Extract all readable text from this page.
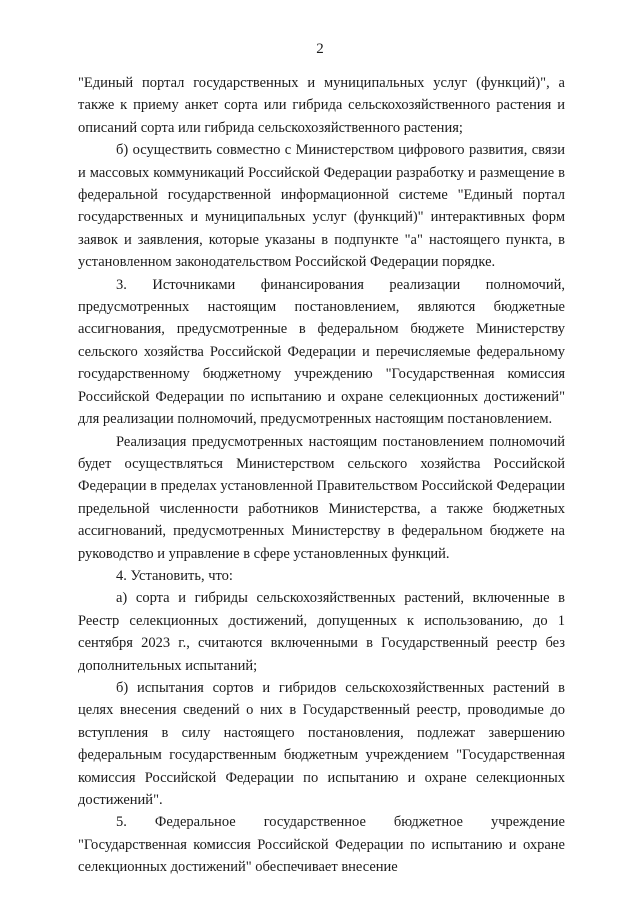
2

"Единый портал государственных и муниципальных услуг (функций)", а также к приему анкет сорта или гибрида сельскохозяйственного растения и описаний сорта или гибрида сельскохозяйственного растения;

б) осуществить совместно с Министерством цифрового развития, связи и массовых коммуникаций Российской Федерации разработку и размещение в федеральной государственной информационной системе "Единый портал государственных и муниципальных услуг (функций)" интерактивных форм заявок и заявления, которые указаны в подпункте "а" настоящего пункта, в установленном законодательством Российской Федерации порядке.

3. Источниками финансирования реализации полномочий, предусмотренных настоящим постановлением, являются бюджетные ассигнования, предусмотренные в федеральном бюджете Министерству сельского хозяйства Российской Федерации и перечисляемые федеральному государственному бюджетному учреждению "Государственная комиссия Российской Федерации по испытанию и охране селекционных достижений" для реализации полномочий, предусмотренных настоящим постановлением.

Реализация предусмотренных настоящим постановлением полномочий будет осуществляться Министерством сельского хозяйства Российской Федерации в пределах установленной Правительством Российской Федерации предельной численности работников Министерства, а также бюджетных ассигнований, предусмотренных Министерству в федеральном бюджете на руководство и управление в сфере установленных функций.

4. Установить, что:

а) сорта и гибриды сельскохозяйственных растений, включенные в Реестр селекционных достижений, допущенных к использованию, до 1 сентября 2023 г., считаются включенными в Государственный реестр без дополнительных испытаний;

б) испытания сортов и гибридов сельскохозяйственных растений в целях внесения сведений о них в Государственный реестр, проводимые до вступления в силу настоящего постановления, подлежат завершению федеральным государственным бюджетным учреждением "Государственная комиссия Российской Федерации по испытанию и охране селекционных достижений".

5. Федеральное государственное бюджетное учреждение "Государственная комиссия Российской Федерации по испытанию и охране селекционных достижений" обеспечивает внесение
